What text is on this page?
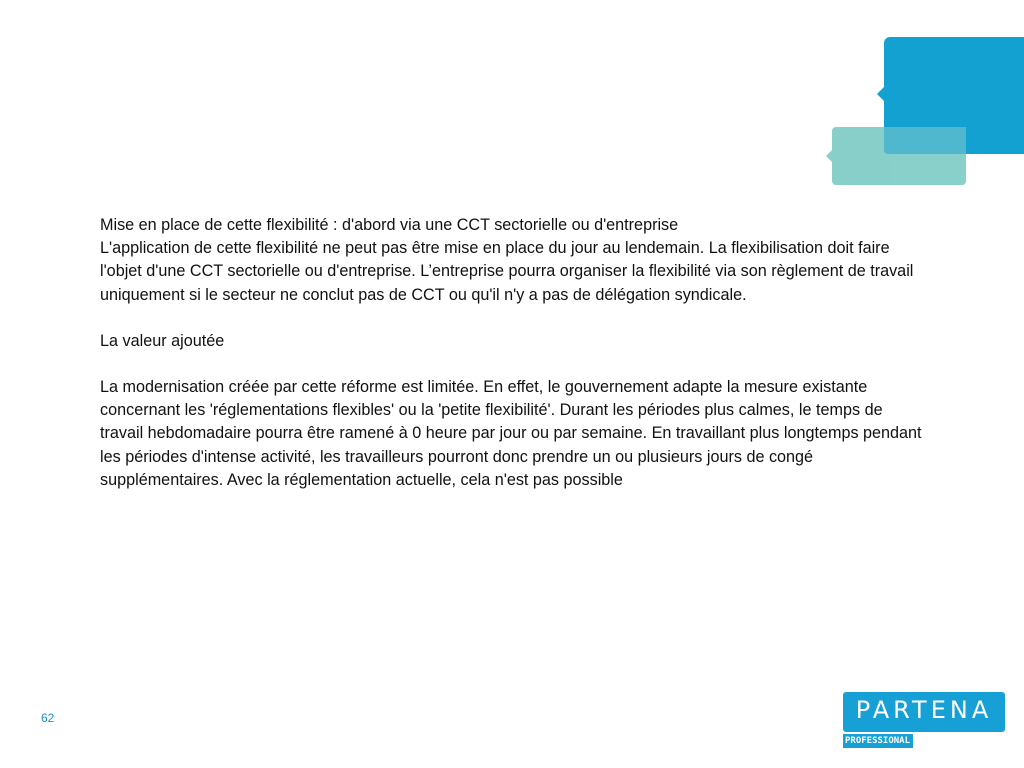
Mise en place de cette flexibilité : d'abord via une CCT sectorielle ou d'entreprise

L'application de cette flexibilité ne peut pas être mise en place du jour au lendemain. La flexibilisation doit faire l'objet d'une CCT sectorielle ou d'entreprise. L’entreprise pourra organiser la flexibilité via son règlement de travail uniquement si le secteur ne conclut pas de CCT ou qu'il n'y a pas de délégation syndicale.

La valeur ajoutée

La modernisation créée par cette réforme est limitée. En effet, le gouvernement adapte la mesure existante concernant les 'réglementations flexibles' ou la 'petite flexibilité'. Durant les périodes plus calmes, le temps de travail hebdomadaire pourra être ramené à 0 heure par jour ou par semaine. En travaillant plus longtemps pendant les périodes d'intense activité, les travailleurs pourront donc prendre un ou plusieurs jours de congé supplémentaires. Avec la réglementation actuelle, cela n'est pas possible

62	PARTENA
PROFESSIONAL
